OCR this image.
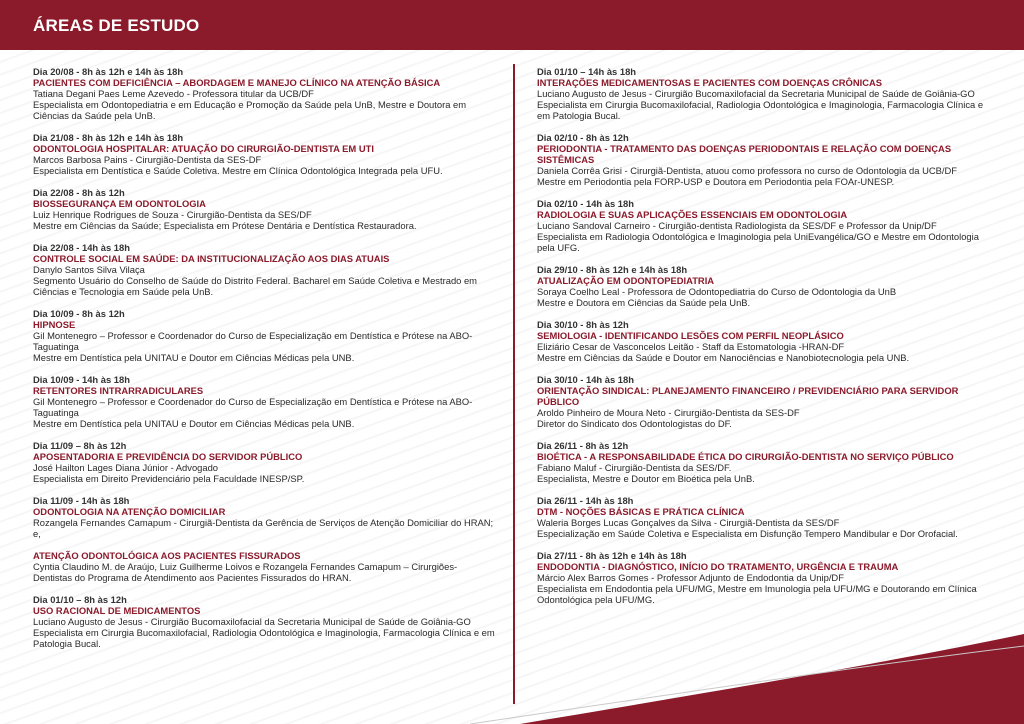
ÁREAS DE ESTUDO
Dia 20/08 - 8h às 12h e 14h às 18h
PACIENTES COM DEFICIÊNCIA – ABORDAGEM E MANEJO CLÍNICO NA ATENÇÃO BÁSICA
Tatiana Degani Paes Leme Azevedo - Professora titular da UCB/DF
Especialista em Odontopediatria e em Educação e Promoção da Saúde pela UnB, Mestre e Doutora em Ciências da Saúde pela UnB.
Dia 21/08 - 8h às 12h e 14h às 18h
ODONTOLOGIA HOSPITALAR: ATUAÇÃO DO CIRURGIÃO-DENTISTA EM UTI
Marcos Barbosa Pains - Cirurgião-Dentista da SES-DF
Especialista em Dentística e Saúde Coletiva. Mestre em Clínica Odontológica Integrada pela UFU.
Dia 22/08 - 8h às 12h
BIOSSEGURANÇA EM ODONTOLOGIA
Luiz Henrique Rodrigues de Souza - Cirurgião-Dentista da SES/DF
Mestre em Ciências da Saúde; Especialista em Prótese Dentária e Dentística Restauradora.
Dia 22/08 - 14h às 18h
CONTROLE SOCIAL EM SAÚDE: DA INSTITUCIONALIZAÇÃO AOS DIAS ATUAIS
Danylo Santos Silva Vilaça
Segmento Usuário do Conselho de Saúde do Distrito Federal. Bacharel em Saúde Coletiva e Mestrado em Ciências e Tecnologia em Saúde pela UnB.
Dia 10/09 - 8h às 12h
HIPNOSE
Gil Montenegro – Professor e Coordenador do Curso de Especialização em Dentística e Prótese na ABO-Taguatinga
Mestre em Dentística pela UNITAU e Doutor em Ciências Médicas pela UNB.
Dia 10/09 - 14h às 18h
RETENTORES INTRARRADICULARES
Gil Montenegro – Professor e Coordenador do Curso de Especialização em Dentística e Prótese na ABO-Taguatinga
Mestre em Dentística pela UNITAU e Doutor em Ciências Médicas pela UNB.
Dia 11/09 – 8h às 12h
APOSENTADORIA E PREVIDÊNCIA DO SERVIDOR PÚBLICO
José Hailton Lages Diana Júnior - Advogado
Especialista em Direito Previdenciário pela Faculdade INESP/SP.
Dia 11/09 - 14h às 18h
ODONTOLOGIA NA ATENÇÃO DOMICILIAR
Rozangela Fernandes Camapum - Cirurgiã-Dentista da Gerência de Serviços de Atenção Domiciliar do HRAN; e,
ATENÇÃO ODONTOLÓGICA AOS PACIENTES FISSURADOS
Cyntia Claudino M. de Araújo, Luiz Guilherme Loivos e Rozangela Fernandes Camapum – Cirurgiões-Dentistas do Programa de Atendimento aos Pacientes Fissurados do HRAN.
Dia 01/10 – 8h às 12h
USO RACIONAL DE MEDICAMENTOS
Luciano Augusto de Jesus - Cirurgião Bucomaxilofacial da Secretaria Municipal de Saúde de Goiânia-GO
Especialista em Cirurgia Bucomaxilofacial, Radiologia Odontológica e Imaginologia, Farmacologia Clínica e em Patologia Bucal.
Dia 01/10 – 14h às 18h
INTERAÇÕES MEDICAMENTOSAS E PACIENTES COM DOENÇAS CRÔNICAS
Luciano Augusto de Jesus - Cirurgião Bucomaxilofacial da Secretaria Municipal de Saúde de Goiânia-GO
Especialista em Cirurgia Bucomaxilofacial, Radiologia Odontológica e Imaginologia, Farmacologia Clínica e em Patologia Bucal.
Dia 02/10 - 8h às 12h
PERIODONTIA - TRATAMENTO DAS DOENÇAS PERIODONTAIS E RELAÇÃO COM DOENÇAS SISTÊMICAS
Daniela Corrêa Grisi - Cirurgiã-Dentista, atuou como professora no curso de Odontologia da UCB/DF
Mestre em Periodontia pela FORP-USP e Doutora em Periodontia pela FOAr-UNESP.
Dia 02/10 - 14h às 18h
RADIOLOGIA E SUAS APLICAÇÕES ESSENCIAIS EM ODONTOLOGIA
Luciano Sandoval Carneiro - Cirurgião-dentista Radiologista da SES/DF e Professor da Unip/DF
Especialista em Radiologia Odontológica e Imaginologia pela UniEvangélica/GO e Mestre em Odontologia pela UFG.
Dia 29/10 - 8h às 12h e 14h às 18h
ATUALIZAÇÃO EM ODONTOPEDIATRIA
Soraya Coelho Leal - Professora de Odontopediatria do Curso de Odontologia da UnB
Mestre e Doutora em Ciências da Saúde pela UnB.
Dia 30/10 - 8h às 12h
SEMIOLOGIA - IDENTIFICANDO LESÕES COM PERFIL NEOPLÁSICO
Eliziário Cesar de Vasconcelos Leitão - Staff da Estomatologia -HRAN-DF
Mestre em Ciências da Saúde e Doutor em Nanociências e Nanobiotecnologia pela UNB.
Dia 30/10 - 14h às 18h
ORIENTAÇÃO SINDICAL: PLANEJAMENTO FINANCEIRO / PREVIDENCIÁRIO PARA SERVIDOR PÚBLICO
Aroldo Pinheiro de Moura Neto - Cirurgião-Dentista da SES-DF
Diretor do Sindicato dos Odontologistas do DF.
Dia 26/11 - 8h às 12h
BIOÉTICA - A RESPONSABILIDADE ÉTICA DO CIRURGIÃO-DENTISTA NO SERVIÇO PÚBLICO
Fabiano Maluf - Cirurgião-Dentista da SES/DF.
Especialista, Mestre e Doutor em Bioética pela UnB.
Dia 26/11 - 14h às 18h
DTM - NOÇÕES BÁSICAS E PRÁTICA CLÍNICA
Waleria Borges Lucas Gonçalves da Silva - Cirurgiã-Dentista da SES/DF
Especialização em Saúde Coletiva e Especialista em Disfunção Tempero Mandibular e Dor Orofacial.
Dia 27/11 - 8h às 12h e 14h às 18h
ENDODONTIA - DIAGNÓSTICO, INÍCIO DO TRATAMENTO, URGÊNCIA E TRAUMA
Márcio Alex Barros Gomes - Professor Adjunto de Endodontia da Unip/DF
Especialista em Endodontia pela UFU/MG, Mestre em Imunologia pela UFU/MG e Doutorando em Clínica Odontológica pela UFU/MG.
